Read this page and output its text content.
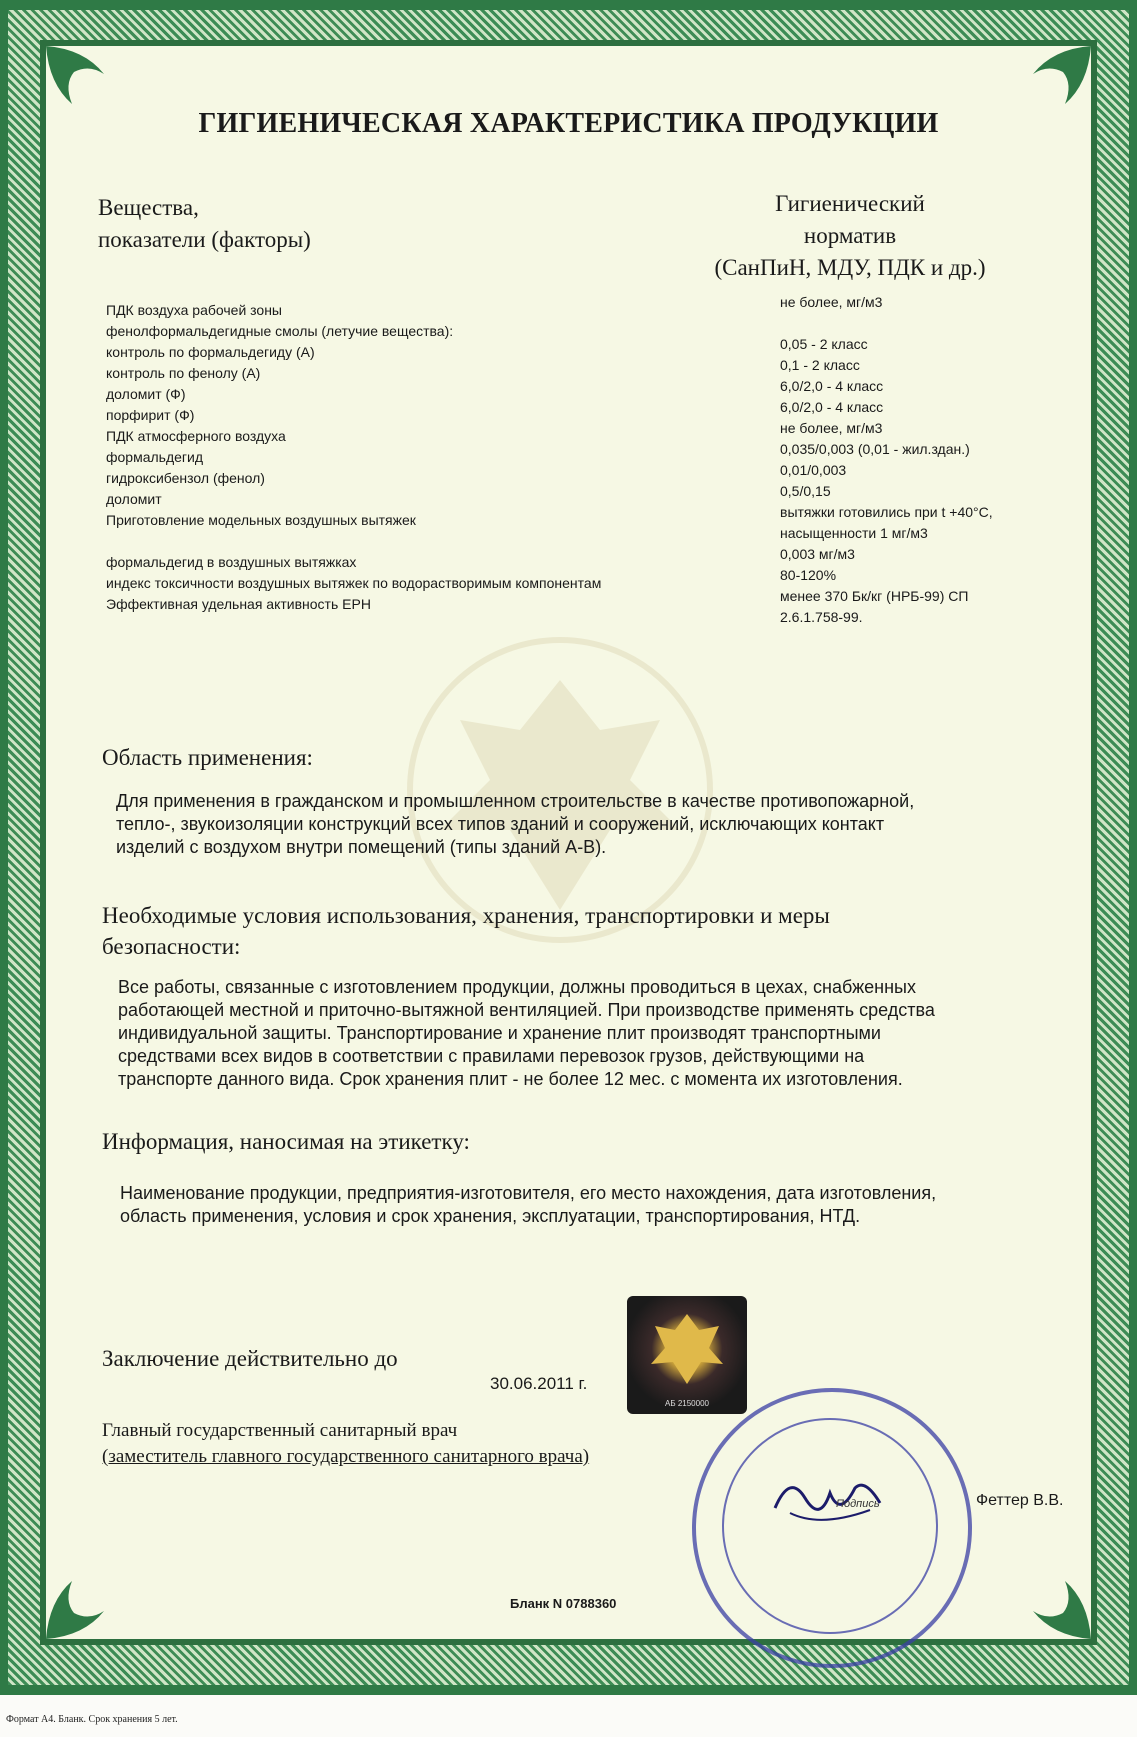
Формат А4. Бланк. Срок хранения 5 лет.
ГИГИЕНИЧЕСКАЯ ХАРАКТЕРИСТИКА ПРОДУКЦИИ
Вещества,
показатели (факторы)
Гигиенический
норматив
(СанПиН, МДУ, ПДК и др.)
ПДК воздуха рабочей зоны
фенолформальдегидные смолы (летучие вещества):
контроль по формальдегиду (А)
контроль по фенолу (А)
доломит (Ф)
порфирит (Ф)
ПДК атмосферного воздуха
формальдегид
гидроксибензол (фенол)
доломит
Приготовление модельных воздушных вытяжек
формальдегид в воздушных вытяжках
индекс токсичности воздушных вытяжек по водорастворимым компонентам
Эффективная удельная активность ЕРН
не более, мг/м3
0,05 - 2 класс
0,1 - 2 класс
6,0/2,0 - 4 класс
6,0/2,0 - 4 класс
не более, мг/м3
0,035/0,003 (0,01 - жил.здан.)
0,01/0,003
0,5/0,15
вытяжки готовились при t +40°С,
насыщенности 1 мг/м3
0,003 мг/м3
80-120%
менее 370 Бк/кг (НРБ-99) СП
2.6.1.758-99.
Область применения:
Для применения в гражданском и промышленном строительстве в качестве противопожарной,
тепло-, звукоизоляции конструкций всех типов зданий и сооружений, исключающих контакт
изделий с воздухом внутри помещений (типы зданий А-В).
Необходимые условия использования, хранения, транспортировки и меры
безопасности:
Все работы, связанные с изготовлением продукции, должны проводиться в цехах, снабженных
работающей местной и приточно-вытяжной вентиляцией. При производстве применять средства
индивидуальной защиты. Транспортирование и хранение плит производят транспортными
средствами всех видов в соответствии с правилами перевозок грузов, действующими на
транспорте данного вида. Срок хранения плит - не более 12 мес. с момента их изготовления.
Информация, наносимая на этикетку:
Наименование продукции, предприятия-изготовителя, его место нахождения, дата изготовления,
область применения, условия и срок хранения, эксплуатации, транспортирования, НТД.
Заключение действительно до
30.06.2011 г.
АБ 2150000
Главный государственный санитарный врач
(заместитель главного государственного санитарного врача)
Подпись	Феттер В.В.
Бланк N 0788360
